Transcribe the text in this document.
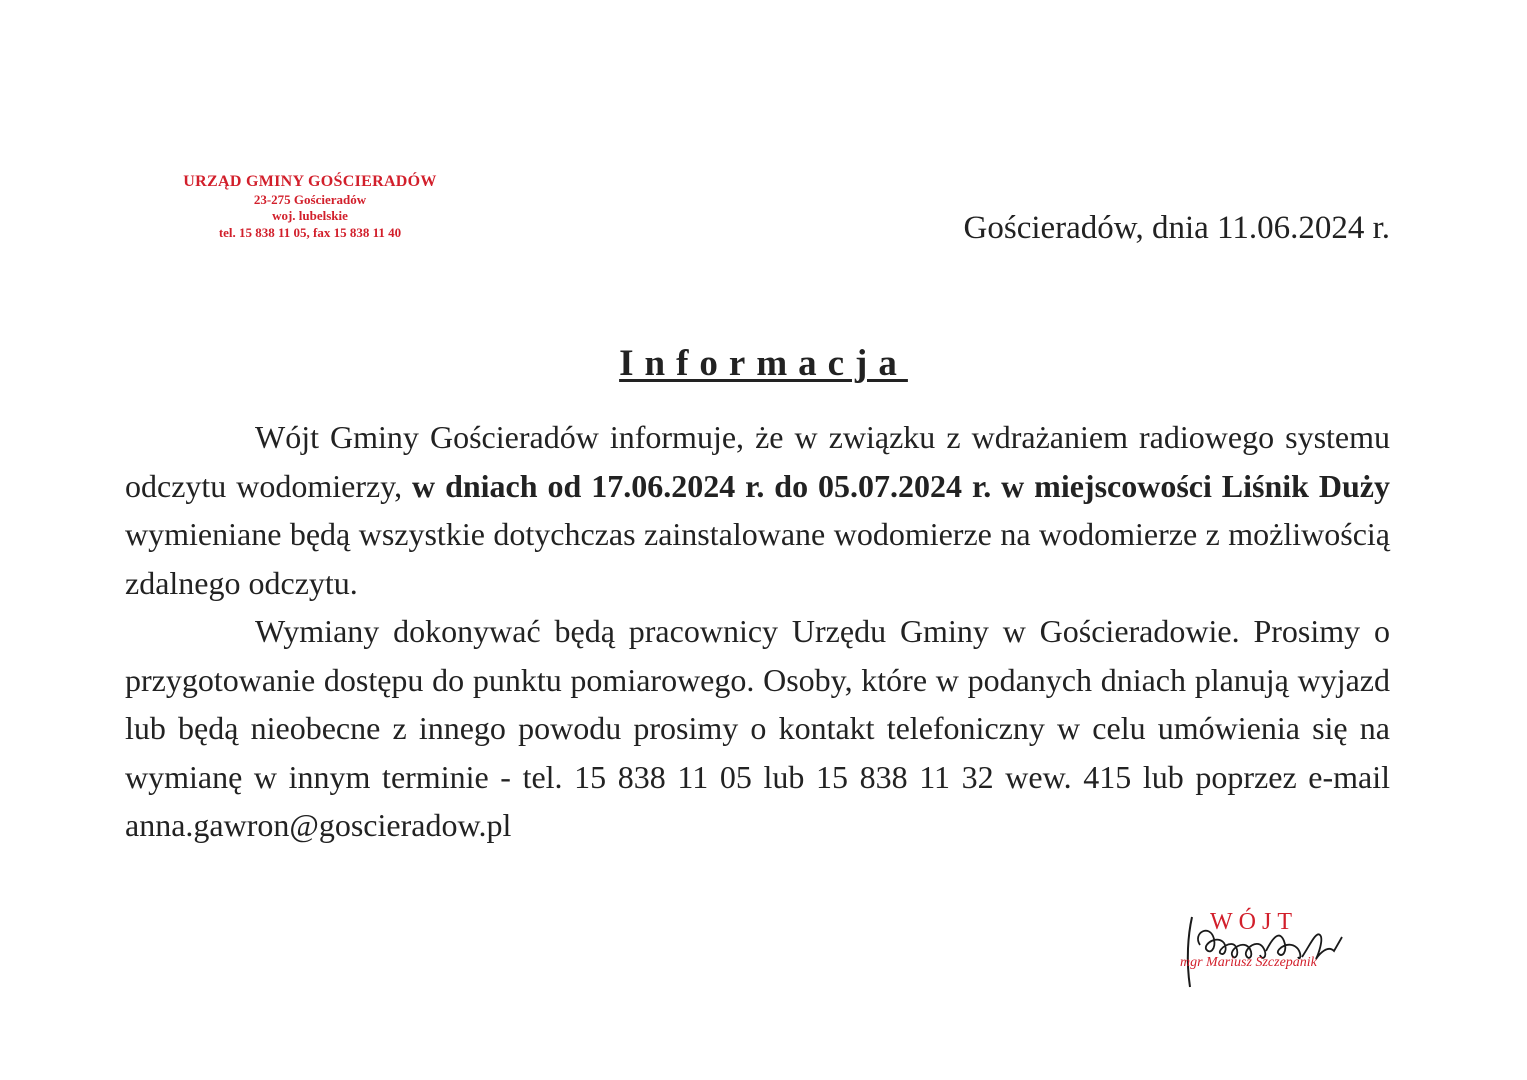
URZĄD GMINY GOŚCIERADÓW
23-275 Gościeradów
woj. lubelskie
tel. 15 838 11 05, fax 15 838 11 40	Gościeradów, dnia 11.06.2024 r.
Informacja

Wójt Gminy Gościeradów informuje, że w związku z wdrażaniem radiowego systemu odczytu wodomierzy, w dniach od 17.06.2024 r. do 05.07.2024 r. w miejscowości Liśnik Duży wymieniane będą wszystkie dotychczas zainstalowane wodomierze na wodomierze z możliwością zdalnego odczytu.

Wymiany dokonywać będą pracownicy Urzędu Gminy w Gościeradowie. Prosimy o przygotowanie dostępu do punktu pomiarowego. Osoby, które w podanych dniach planują wyjazd lub będą nieobecne z innego powodu prosimy o kontakt telefoniczny w celu umówienia się na wymianę w innym terminie - tel. 15 838 11 05 lub 15 838 11 32 wew. 415 lub poprzez e-mail anna.gawron@goscieradow.pl

WÓJT
mgr Mariusz Szczepanik
